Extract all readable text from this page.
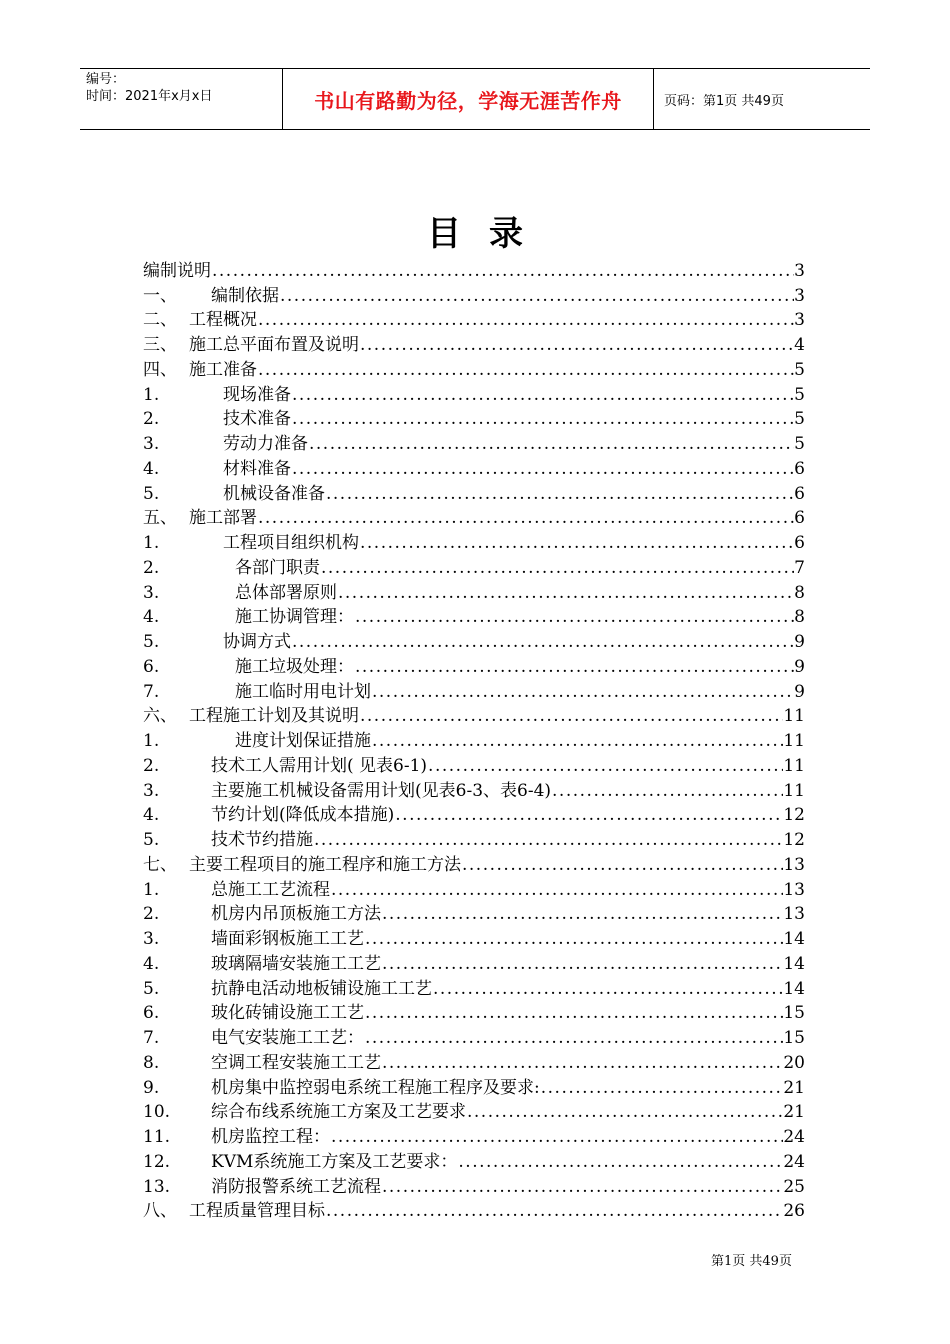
编号：
时间：2021年x月x日	书山有路勤为径，学海无涯苦作舟	页码：第1页 共49页
目录
编制说明 .....	3
一、	编制依据 .....	3
二、 工程概况 .....	3
三、 施工总平面布置及说明 .....	4
四、 施工准备 .....	5
1.	现场准备 .....	5
2.	技术准备 .....	5
3.	劳动力准备 .....	5
4.	材料准备 .....	6
5.	机械设备准备 .....	6
五、 施工部署 .....	6
1.	工程项目组织机构 .....	6
2.	各部门职责 .....	7
3.	总体部署原则 .....	8
4.	施工协调管理： .....	8
5.	协调方式 .....	9
6.	施工垃圾处理： .....	9
7.	施工临时用电计划 .....	9
六、 工程施工计划及其说明 .....	11
1.	进度计划保证措施 .....	11
2.	技术工人需用计划( 见表6-1) .....	11
3.	主要施工机械设备需用计划(见表6-3、表6-4) .....	11
4.	节约计划(降低成本措施) .....	12
5.	技术节约措施 .....	12
七、 主要工程项目的施工程序和施工方法 .....	13
1.	总施工工艺流程 .....	13
2.	机房内吊顶板施工方法 .....	13
3.	墙面彩钢板施工工艺 .....	14
4.	玻璃隔墙安装施工工艺 .....	14
5.	抗静电活动地板铺设施工工艺 .....	14
6.	玻化砖铺设施工工艺 .....	15
7.	电气安装施工工艺： .....	15
8.	空调工程安装施工工艺 .....	20
9.	机房集中监控弱电系统工程施工程序及要求: .....	21
10.	综合布线系统施工方案及工艺要求 .....	21
11.	机房监控工程： .....	24
12.	KVM系统施工方案及工艺要求： .....	24
13.	消防报警系统工艺流程 .....	25
八、 工程质量管理目标 .....	26
第1页 共49页
